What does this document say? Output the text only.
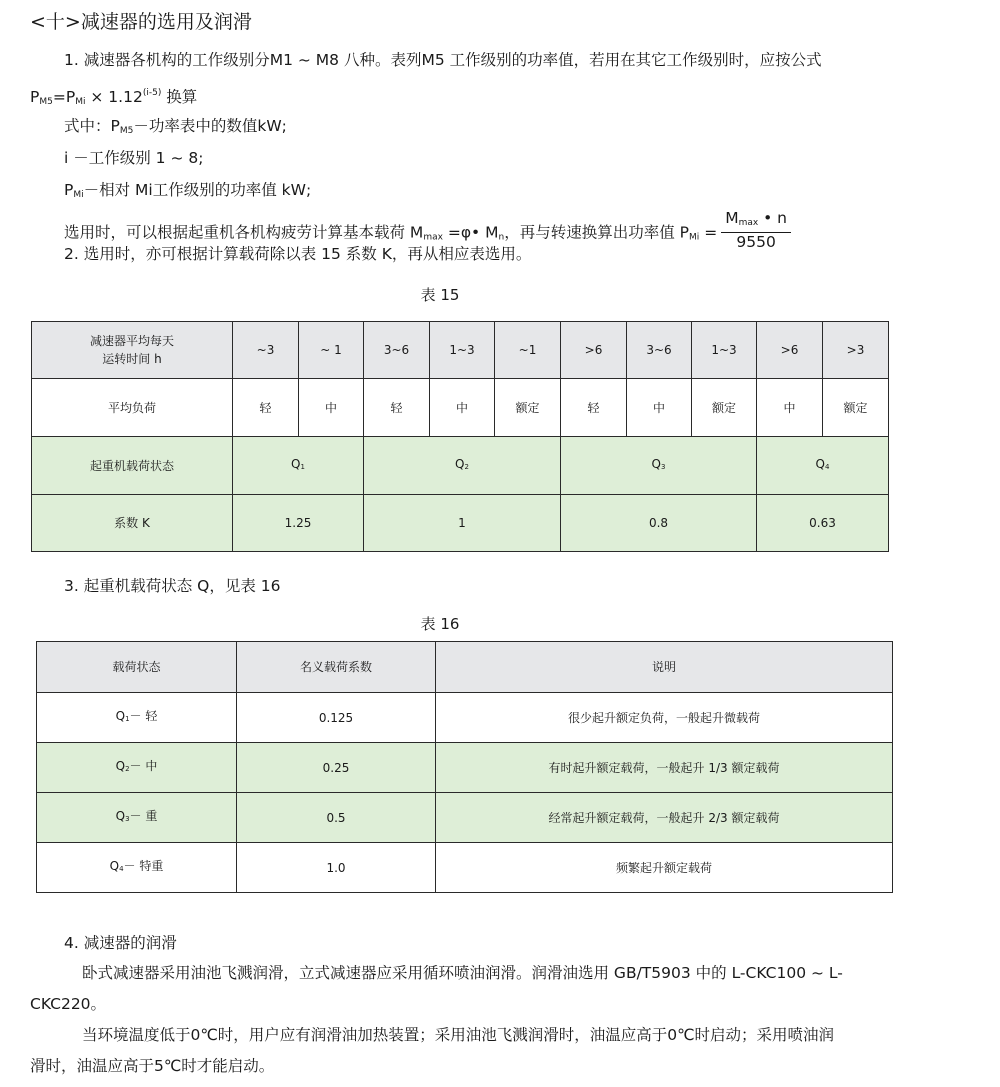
<十>减速器的选用及润滑
1. 减速器各机构的工作级别分M1 ~ M8 八种。表列M5 工作级别的功率值，若用在其它工作级别时，应按公式
$P_{M5}=P_{Mi} \times 1.12^{(i-5)}$ 换算
式中：$P_{M5}-$功率表中的数值kW;
i －工作级别 1 ~ 8;
$P_{Mi}-$相对 Mi工作级别的功率值 kW;
选用时，可以根据起重机各机构疲劳计算基本载荷 $M_{max}$ =φ• $M_n$，再与转速换算出功率值 $P_{Mi} = \frac{M_{max} • n}{9550}$
2. 选用时，亦可根据计算载荷除以表 15 系数 K，再从相应表选用。
表 15
减速器平均每天
运转时间 h	~3	~ 1	3~6	1~3	~1	>6	3~6	1~3	>6	>3
平均负荷	轻	中	轻	中	额定	轻	中	额定	中	额定
起重机载荷状态	Q1		Q2			Q3			Q4	
系数 K	1.25		1			0.8			0.63	
3. 起重机载荷状态 Q，见表 16
表 16
载荷状态	名义载荷系数	说明
Q1－ 轻	0.125	很少起升额定负荷，一般起升微载荷
Q2－ 中	0.25	有时起升额定载荷，一般起升 1/3 额定载荷
Q3－ 重	0.5	经常起升额定载荷，一般起升 2/3 额定载荷
Q4－ 特重	1.0	频繁起升额定载荷
4. 减速器的润滑
卧式减速器采用油池飞溅润滑，立式减速器应采用循环喷油润滑。润滑油选用 GB/T5903 中的 L-CKC100 ~ L-
CKC220。
当环境温度低于0℃时，用户应有润滑油加热装置；采用油池飞溅润滑时，油温应高于0℃时启动；采用喷油润
滑时，油温应高于5℃时才能启动。
